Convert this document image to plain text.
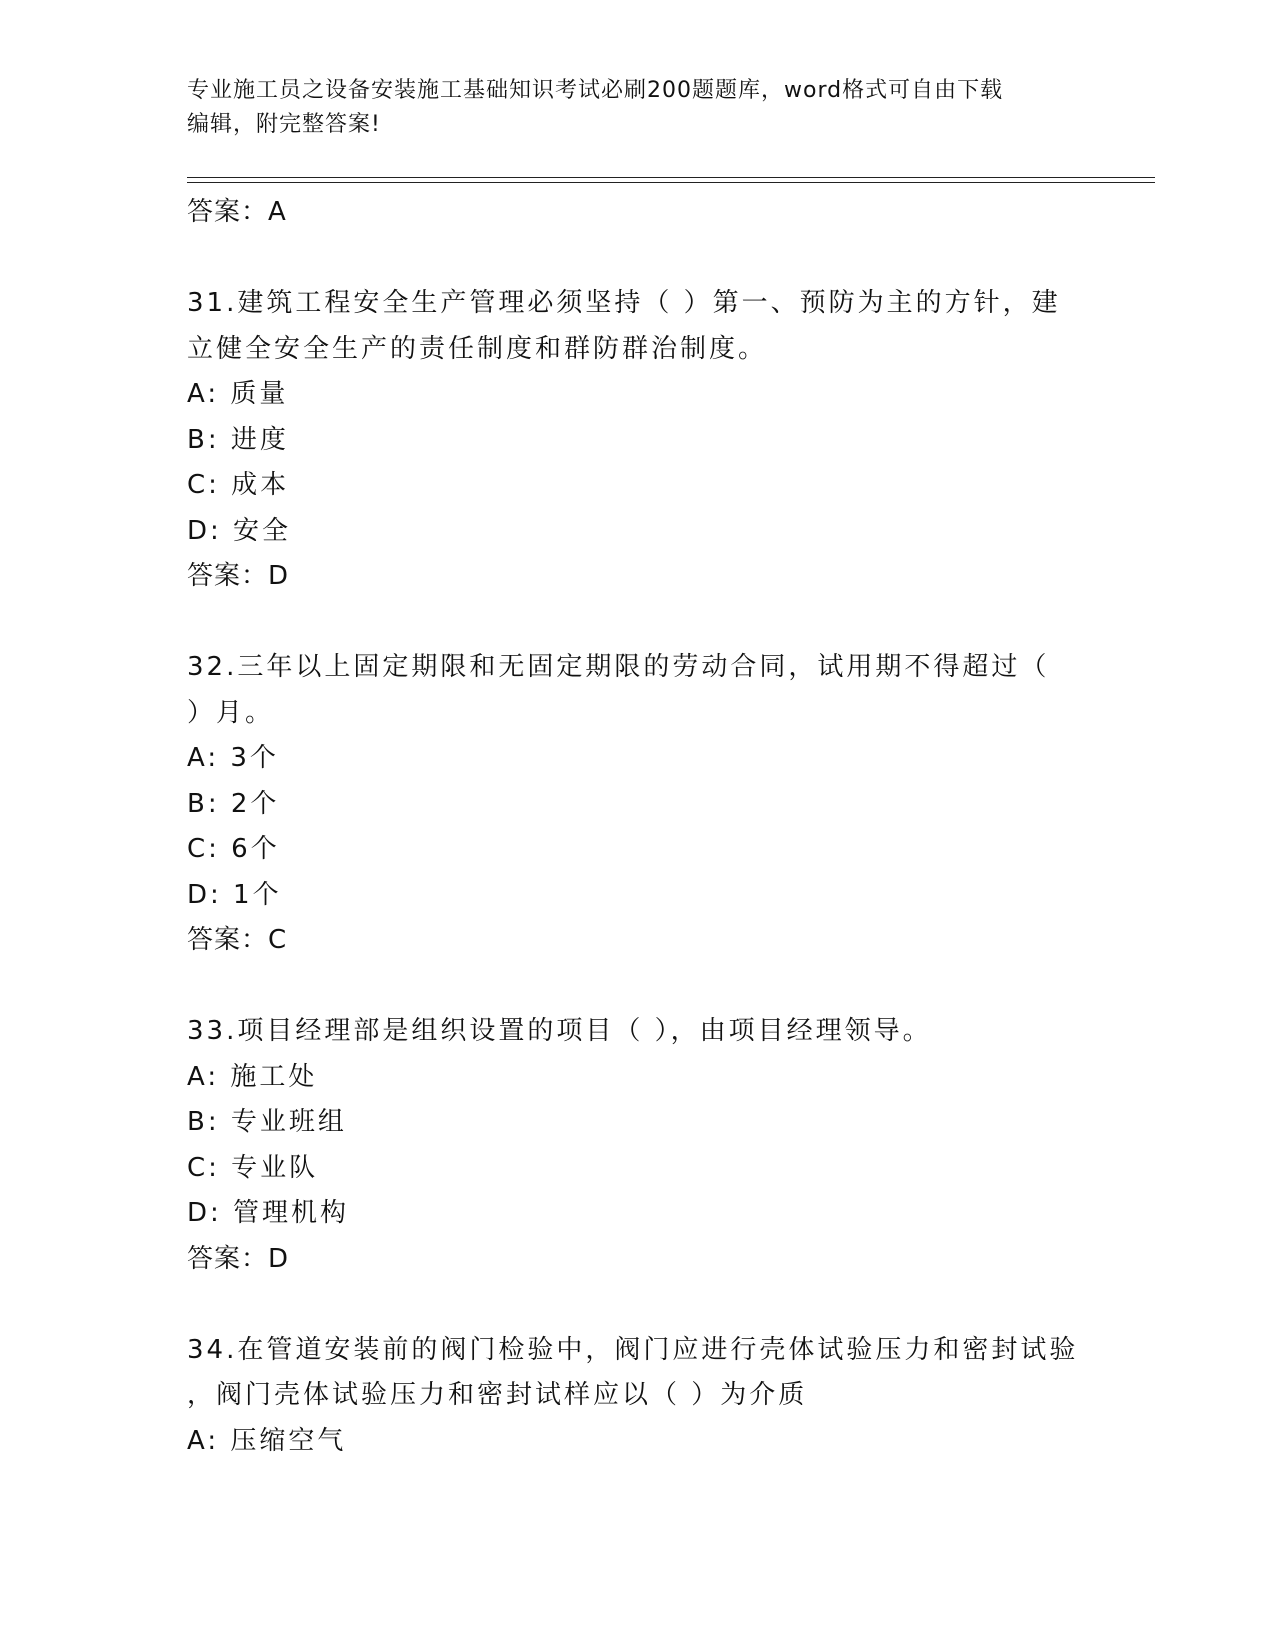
专业施工员之设备安装施工基础知识考试必刷200题题库，word格式可自由下载
编辑，附完整答案!
答案：A
31.建筑工程安全生产管理必须坚持（ ）第一、预防为主的方针，建
立健全安全生产的责任制度和群防群治制度。
A: 质量
B: 进度
C: 成本
D: 安全
答案：D
32.三年以上固定期限和无固定期限的劳动合同，试用期不得超过（
）月。
A: 3个
B: 2个
C: 6个
D: 1个
答案：C
33.项目经理部是组织设置的项目（ ），由项目经理领导。
A: 施工处
B: 专业班组
C: 专业队
D: 管理机构
答案：D
34.在管道安装前的阀门检验中，阀门应进行壳体试验压力和密封试验
，阀门壳体试验压力和密封试样应以（ ）为介质
A: 压缩空气
